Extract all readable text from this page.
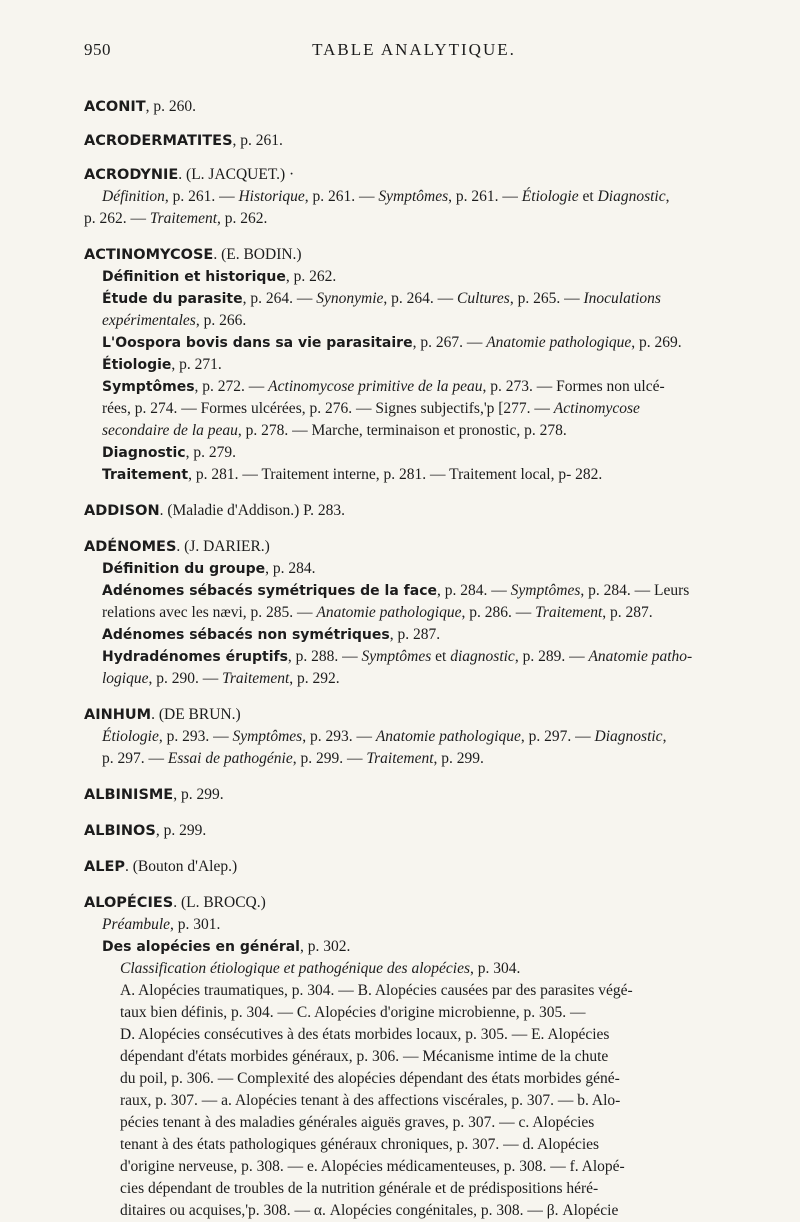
950	TABLE ANALYTIQUE.

ACONIT, p. 260.

ACRODERMATITES, p. 261.

ACRODYNIE. (L. JACQUET.) ·

Définition, p. 261. — Historique, p. 261. — Symptômes, p. 261. — Étiologie et Diagnostic,

p. 262. — Traitement, p. 262.

ACTINOMYCOSE. (E. BODIN.)

Définition et historique, p. 262.

Étude du parasite, p. 264. — Synonymie, p. 264. — Cultures, p. 265. — Inoculations

expérimentales, p. 266.

L'Oospora bovis dans sa vie parasitaire, p. 267. — Anatomie pathologique, p. 269.

Étiologie, p. 271.

Symptômes, p. 272. — Actinomycose primitive de la peau, p. 273. — Formes non ulcé-

rées, p. 274. — Formes ulcérées, p. 276. — Signes subjectifs,'p [277. — Actinomycose

secondaire de la peau, p. 278. — Marche, terminaison et pronostic, p. 278.

Diagnostic, p. 279.

Traitement, p. 281. — Traitement interne, p. 281. — Traitement local, p- 282.

ADDISON. (Maladie d'Addison.) P. 283.

ADÉNOMES. (J. DARIER.)

Définition du groupe, p. 284.

Adénomes sébacés symétriques de la face, p. 284. — Symptômes, p. 284. — Leurs

relations avec les nævi, p. 285. — Anatomie pathologique, p. 286. — Traitement, p. 287.

Adénomes sébacés non symétriques, p. 287.

Hydradénomes éruptifs, p. 288. — Symptômes et diagnostic, p. 289. — Anatomie patho-

logique, p. 290. — Traitement, p. 292.

AINHUM. (DE BRUN.)

Étiologie, p. 293. — Symptômes, p. 293. — Anatomie pathologique, p. 297. — Diagnostic,

p. 297. — Essai de pathogénie, p. 299. — Traitement, p. 299.

ALBINISME, p. 299.

ALBINOS, p. 299.

ALEP. (Bouton d'Alep.)

ALOPÉCIES. (L. BROCQ.)

Préambule, p. 301.

Des alopécies en général, p. 302.

Classification étiologique et pathogénique des alopécies, p. 304.

A. Alopécies traumatiques, p. 304. — B. Alopécies causées par des parasites végé-

taux bien définis, p. 304. — C. Alopécies d'origine microbienne, p. 305. —

D. Alopécies consécutives à des états morbides locaux, p. 305. — E. Alopécies

dépendant d'états morbides généraux, p. 306. — Mécanisme intime de la chute

du poil, p. 306. — Complexité des alopécies dépendant des états morbides géné-

raux, p. 307. — a. Alopécies tenant à des affections viscérales, p. 307. — b. Alo-

pécies tenant à des maladies générales aiguës graves, p. 307. — c. Alopécies

tenant à des états pathologiques généraux chroniques, p. 307. — d. Alopécies

d'origine nerveuse, p. 308. — e. Alopécies médicamenteuses, p. 308. — f. Alopé-

cies dépendant de troubles de la nutrition générale et de prédispositions héré-

ditaires ou acquises,'p. 308. — α. Alopécies congénitales, p. 308. — β. Alopécie
